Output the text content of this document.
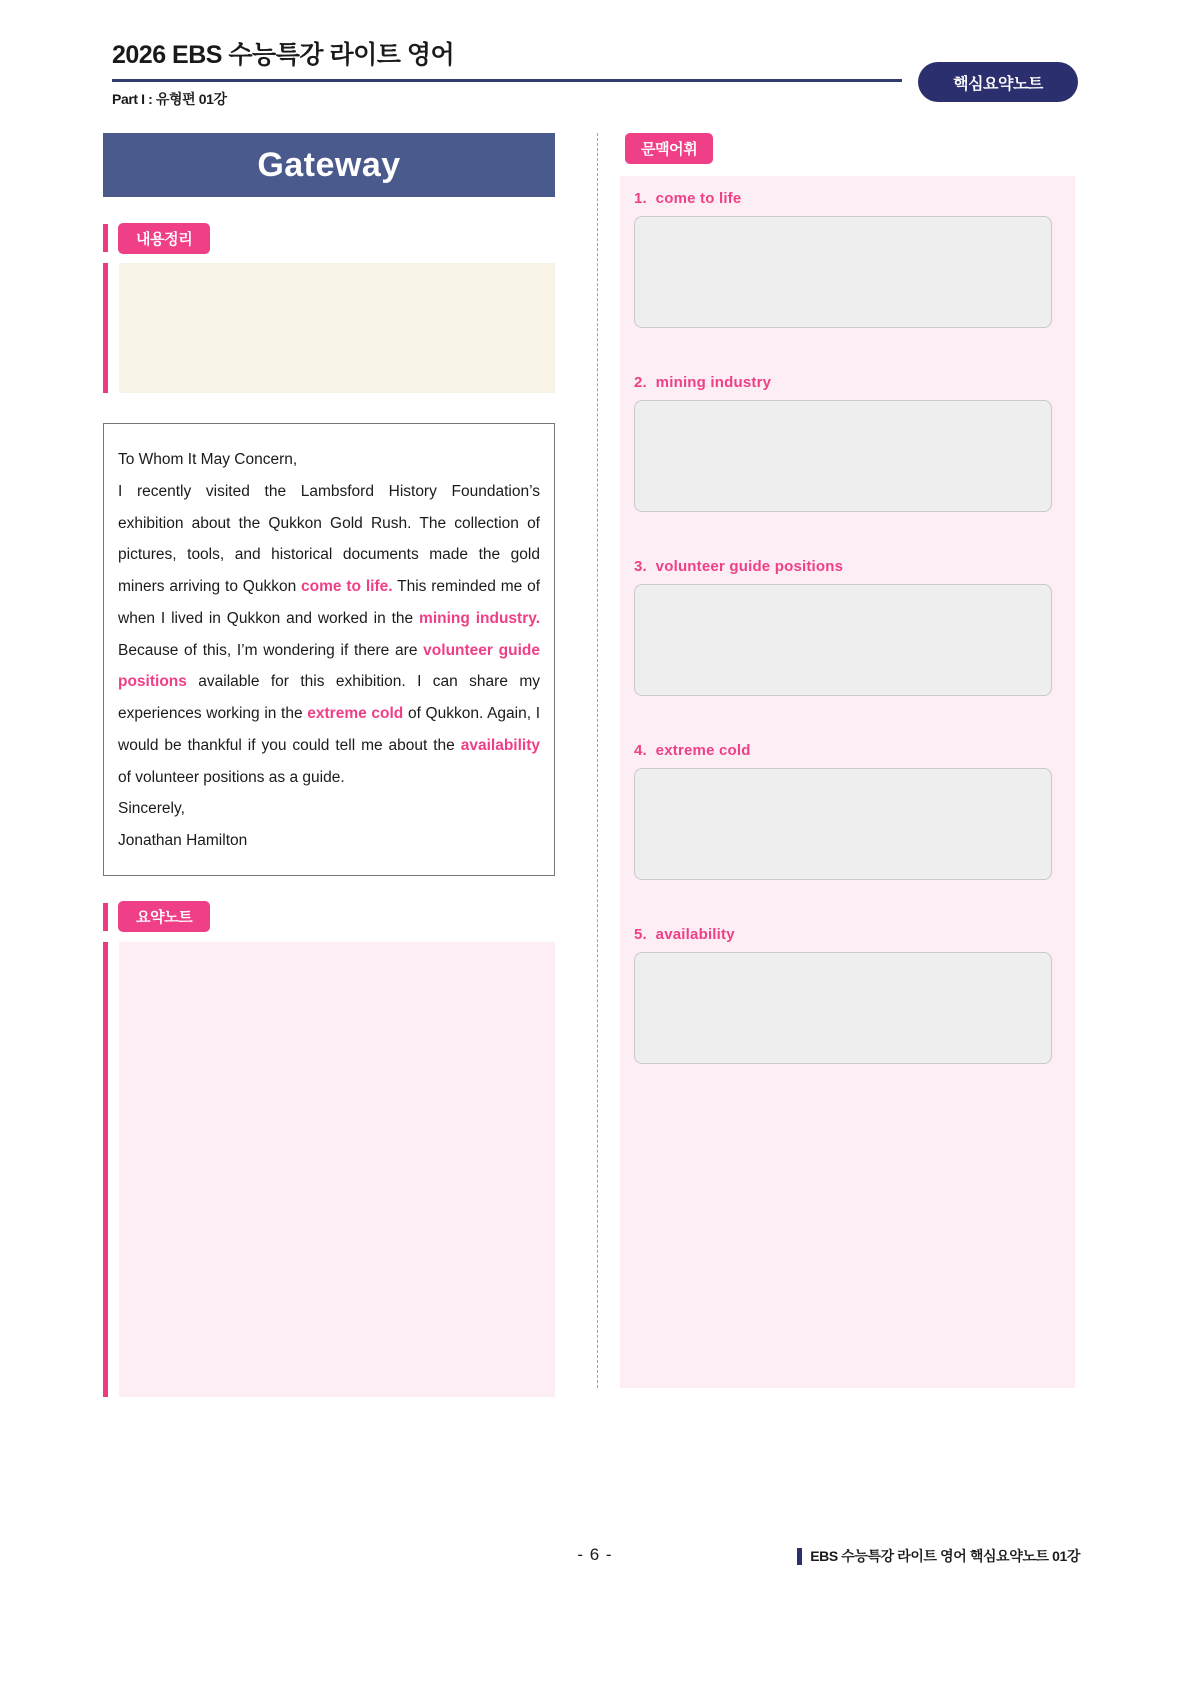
2026 EBS 수능특강 라이트 영어
Part I : 유형편 01강
핵심요약노트
Gateway
내용정리

To Whom It May Concern,

I recently visited the Lambsford History Foundation’s exhibition about the Qukkon Gold Rush. The collection of pictures, tools, and historical documents made the gold miners arriving to Qukkon come to life. This reminded me of when I lived in Qukkon and worked in the mining industry. Because of this, I’m wondering if there are volunteer guide positions available for this exhibition. I can share my experiences working in the extreme cold of Qukkon. Again, I would be thankful if you could tell me about the availability of volunteer positions as a guide.

Sincerely,

Jonathan Hamilton

요약노트
문맥어휘
1. come to life
2. mining industry
3. volunteer guide positions
4. extreme cold
5. availability
- 6 -	EBS 수능특강 라이트 영어 핵심요약노트 01강
